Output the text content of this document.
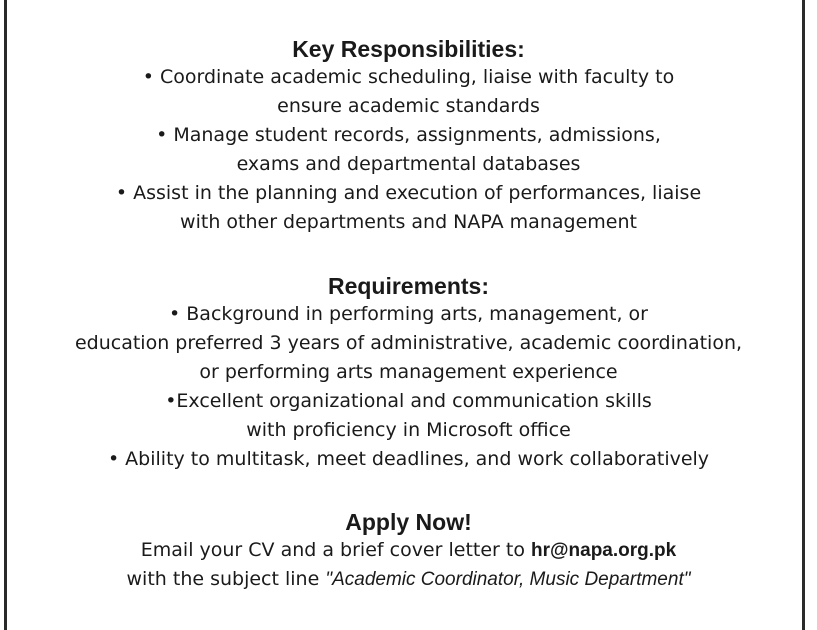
Key Responsibilities:
• Coordinate academic scheduling, liaise with faculty to
ensure academic standards
• Manage student records, assignments, admissions,
exams and departmental databases
• Assist in the planning and execution of performances, liaise
with other departments and NAPA management
Requirements:
• Background in performing arts, management, or
education preferred 3 years of administrative, academic coordination,
or performing arts management experience
•Excellent organizational and communication skills
with proficiency in Microsoft office
• Ability to multitask, meet deadlines, and work collaboratively
Apply Now!
Email your CV and a brief cover letter to hr@napa.org.pk
with the subject line "Academic Coordinator, Music Department"
